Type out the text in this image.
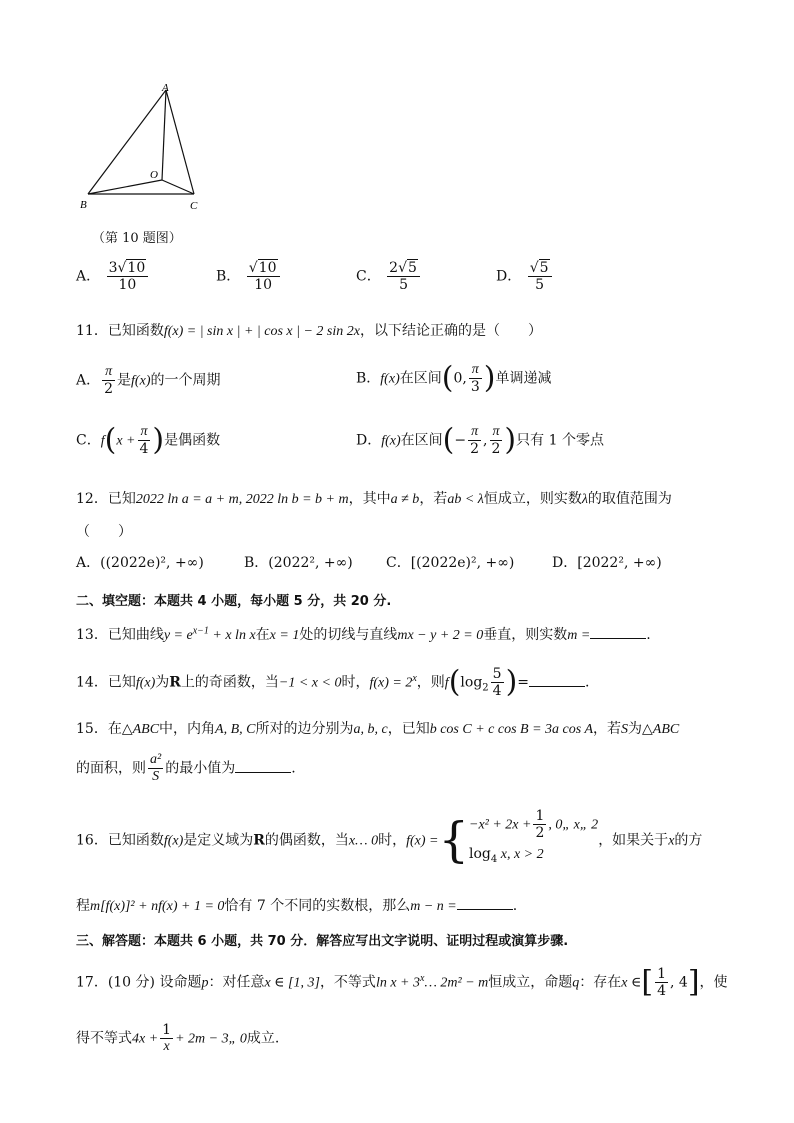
A
B	C
O
（第 10 题图）
A． $\frac{3√10}{10}$	B． $\frac{√10}{10}$	C． $\frac{2√5}{5}$	D． $\frac{√5}{5}$
11．已知函数f(x) = | sin x | + | cos x | − 2 sin 2x，以下结论正确的是（　　）
A． $\frac{\pi}{2}$ 是f(x)的一个周期	B．f(x)在区间(0, $\frac{\pi}{3}$ )单调递减
C．$f(x + \frac{\pi}{4}$ )是偶函数	D．f(x)在区间(− $\frac{\pi}{2}$ , $\frac{\pi}{2}$ )只有 1 个零点
12．已知2022 ln a = a + m, 2022 ln b = b + m，其中a ≠ b，若ab < λ恒成立，则实数λ的取值范围为
（　　）
A．((2022e)², +∞)	B．(2022², +∞) C．[(2022e)², +∞)	D．[2022², +∞)
二、填空题：本题共 4 小题，每小题 5 分，共 20 分.
13．已知曲线$y = e^{x-1} + x$ ln x在x = 1处的切线与直线mx − y + 2 = 0垂直，则实数m =	.
14．已知f(x)为R上的奇函数，当−1 < x < 0时，$f(x) = 2^x$，则$f(\log_2 \frac{5}{4}$ )=	.
15．在△ABC中，内角A, B, C所对的边分别为a, b, c，已知b cos C + c cos B = 3a cos A，若S为△ABC
的面积，则 $\frac{\text{a²}}{S}$ 的最小值为	.
16．已知函数f(x)是定义域为R的偶函数，当x… 0时，f(x) ={ $-x^2 + 2x + \frac{1}{2}$ , 0„ x„ 2
$\log_4 x$, x > 2
，如果关于x的方
程m[f(x)]² + nf(x) + 1 = 0恰有 7 个不同的实数根，那么m − n =	.
三、解答题：本题共 6 小题，共 70 分．解答应写出文字说明、证明过程或演算步骤.
17．(10 分) 设命题p：对任意x ∈ [1, 3]，不等式$\ln x + 3^x\dots$ 2m² − m恒成立，命题q：存在x ∈[ $\frac{1}{4}$ , 4]，使
得不等式$4x + \frac{1}{x} + 2m$ − 3„ 0成立.
